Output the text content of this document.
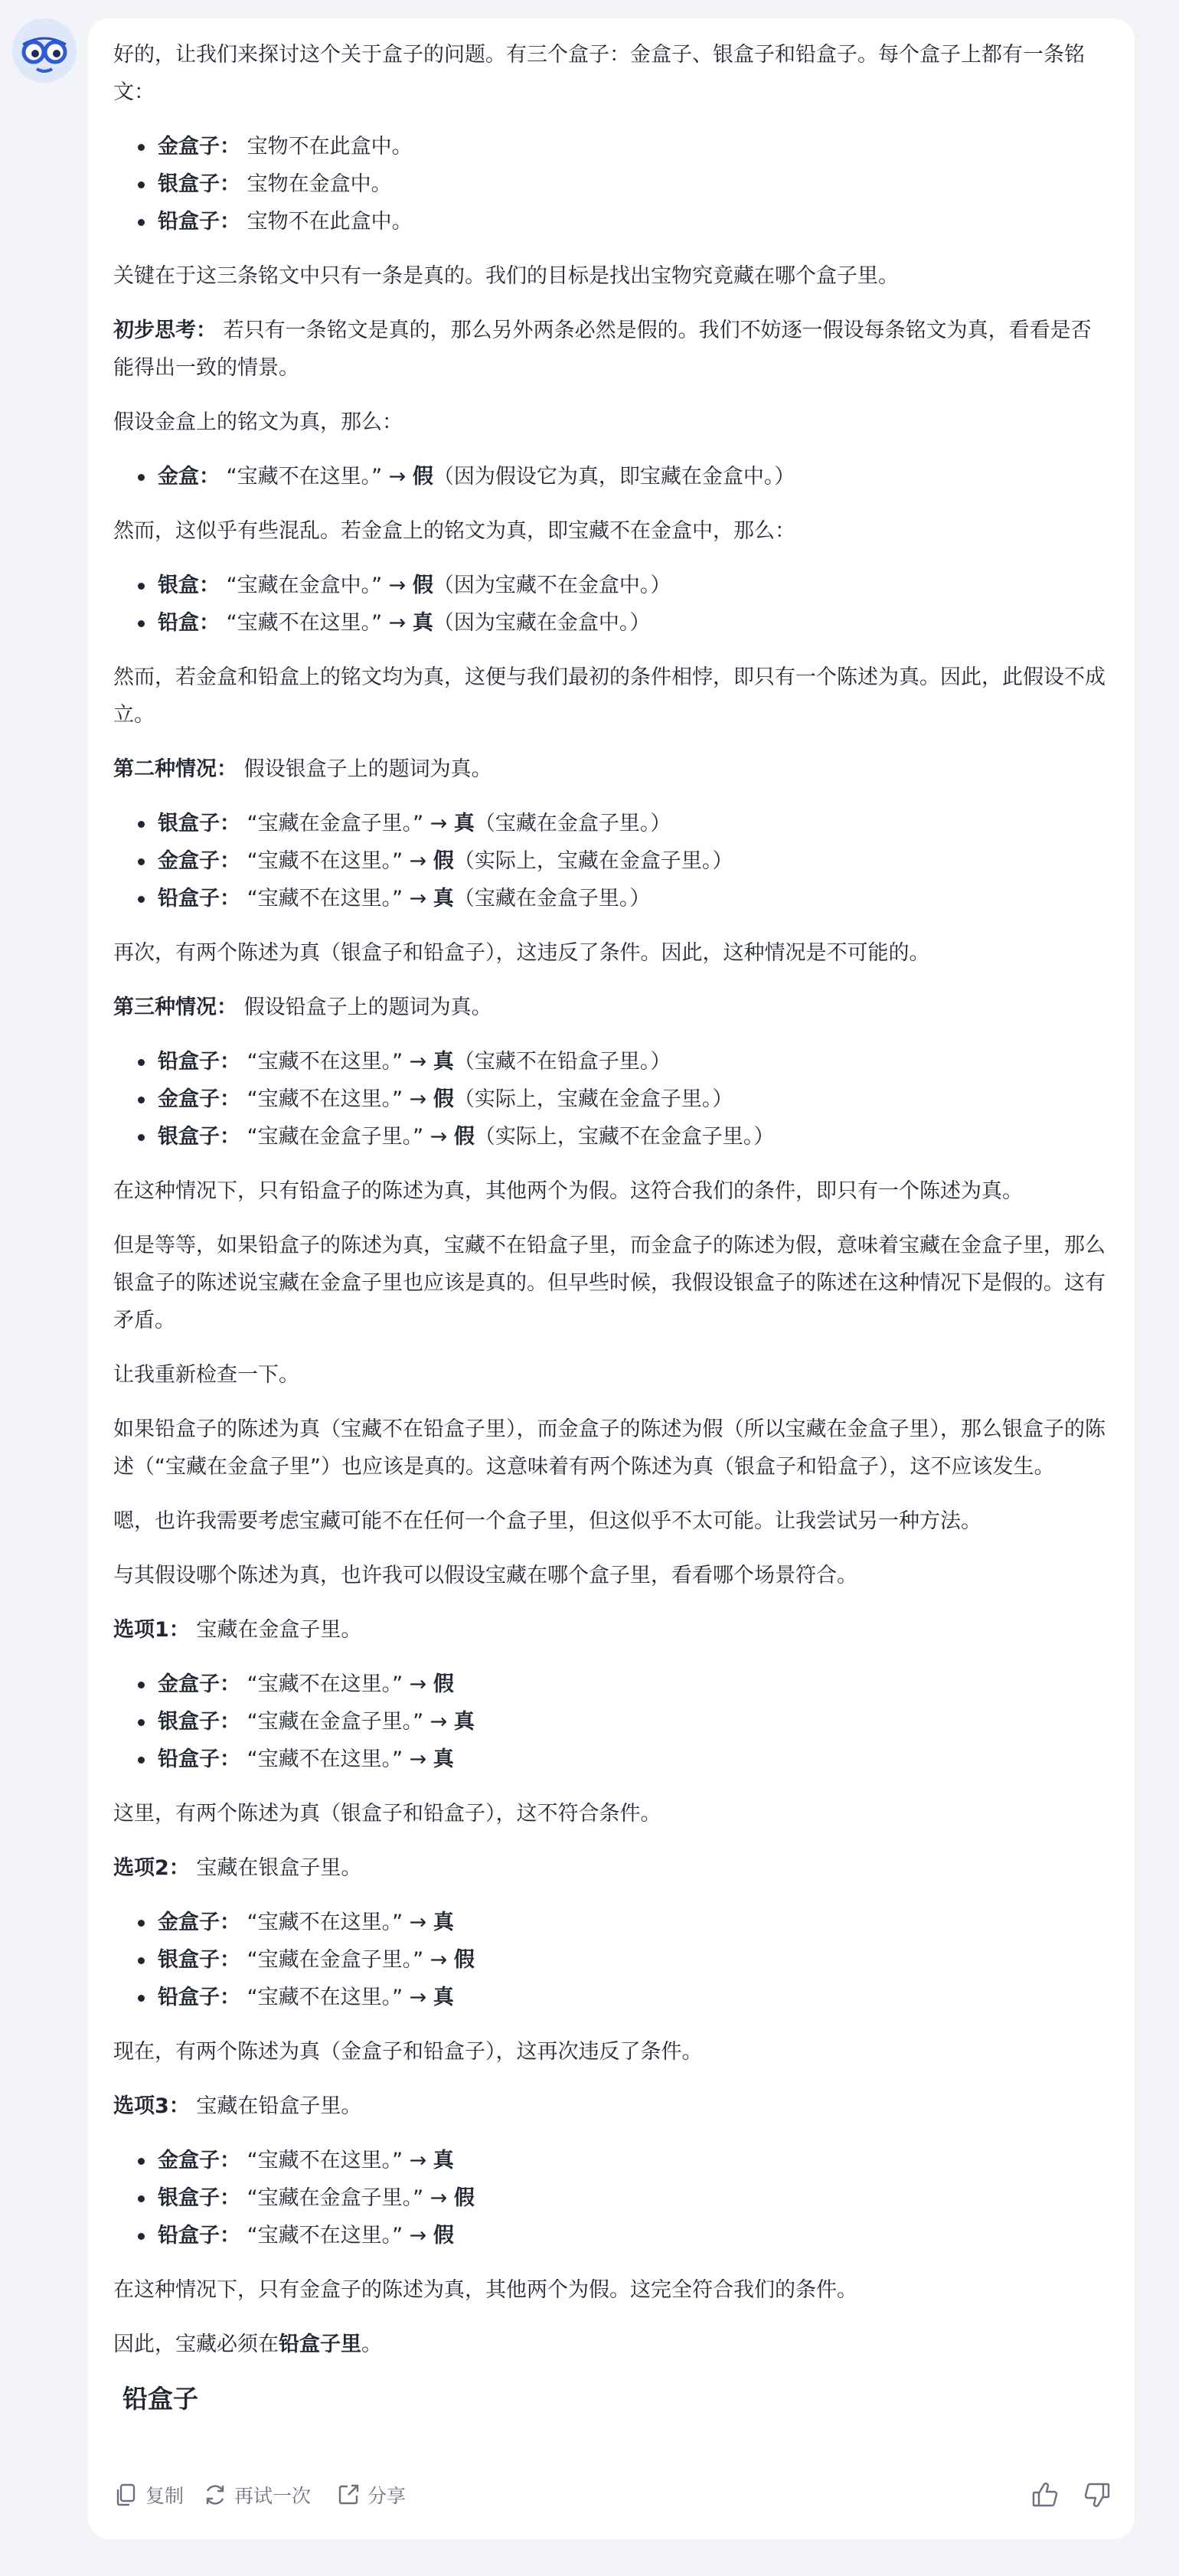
好的，让我们来探讨这个关于盒子的问题。有三个盒子：金盒子、银盒子和铅盒子。每个盒子上都有一条铭文：

金盒子： 宝物不在此盒中。
银盒子： 宝物在金盒中。
铅盒子： 宝物不在此盒中。

关键在于这三条铭文中只有一条是真的。我们的目标是找出宝物究竟藏在哪个盒子里。

初步思考： 若只有一条铭文是真的，那么另外两条必然是假的。我们不妨逐一假设每条铭文为真，看看是否能得出一致的情景。

假设金盒上的铭文为真，那么：

金盒： “宝藏不在这里。” → 假（因为假设它为真，即宝藏在金盒中。）

然而，这似乎有些混乱。若金盒上的铭文为真，即宝藏不在金盒中，那么：

银盒： “宝藏在金盒中。” → 假（因为宝藏不在金盒中。）
铅盒： “宝藏不在这里。” → 真（因为宝藏在金盒中。）

然而，若金盒和铅盒上的铭文均为真，这便与我们最初的条件相悖，即只有一个陈述为真。因此，此假设不成立。

第二种情况： 假设银盒子上的题词为真。

银盒子： “宝藏在金盒子里。” → 真（宝藏在金盒子里。）
金盒子： “宝藏不在这里。” → 假（实际上，宝藏在金盒子里。）
铅盒子： “宝藏不在这里。” → 真（宝藏在金盒子里。）

再次，有两个陈述为真（银盒子和铅盒子），这违反了条件。因此，这种情况是不可能的。

第三种情况： 假设铅盒子上的题词为真。

铅盒子： “宝藏不在这里。” → 真（宝藏不在铅盒子里。）
金盒子： “宝藏不在这里。” → 假（实际上，宝藏在金盒子里。）
银盒子： “宝藏在金盒子里。” → 假（实际上，宝藏不在金盒子里。）

在这种情况下，只有铅盒子的陈述为真，其他两个为假。这符合我们的条件，即只有一个陈述为真。

但是等等，如果铅盒子的陈述为真，宝藏不在铅盒子里，而金盒子的陈述为假，意味着宝藏在金盒子里，那么银盒子的陈述说宝藏在金盒子里也应该是真的。但早些时候，我假设银盒子的陈述在这种情况下是假的。这有矛盾。

让我重新检查一下。

如果铅盒子的陈述为真（宝藏不在铅盒子里），而金盒子的陈述为假（所以宝藏在金盒子里），那么银盒子的陈述（“宝藏在金盒子里”）也应该是真的。这意味着有两个陈述为真（银盒子和铅盒子），这不应该发生。

嗯，也许我需要考虑宝藏可能不在任何一个盒子里，但这似乎不太可能。让我尝试另一种方法。

与其假设哪个陈述为真，也许我可以假设宝藏在哪个盒子里，看看哪个场景符合。

选项1： 宝藏在金盒子里。

金盒子： “宝藏不在这里。” → 假
银盒子： “宝藏在金盒子里。” → 真
铅盒子： “宝藏不在这里。” → 真

这里，有两个陈述为真（银盒子和铅盒子），这不符合条件。

选项2： 宝藏在银盒子里。

金盒子： “宝藏不在这里。” → 真
银盒子： “宝藏在金盒子里。” → 假
铅盒子： “宝藏不在这里。” → 真

现在，有两个陈述为真（金盒子和铅盒子），这再次违反了条件。

选项3： 宝藏在铅盒子里。

金盒子： “宝藏不在这里。” → 真
银盒子： “宝藏在金盒子里。” → 假
铅盒子： “宝藏不在这里。” → 假

在这种情况下，只有金盒子的陈述为真，其他两个为假。这完全符合我们的条件。

因此，宝藏必须在铅盒子里。

铅盒子
复制	再试一次	分享
